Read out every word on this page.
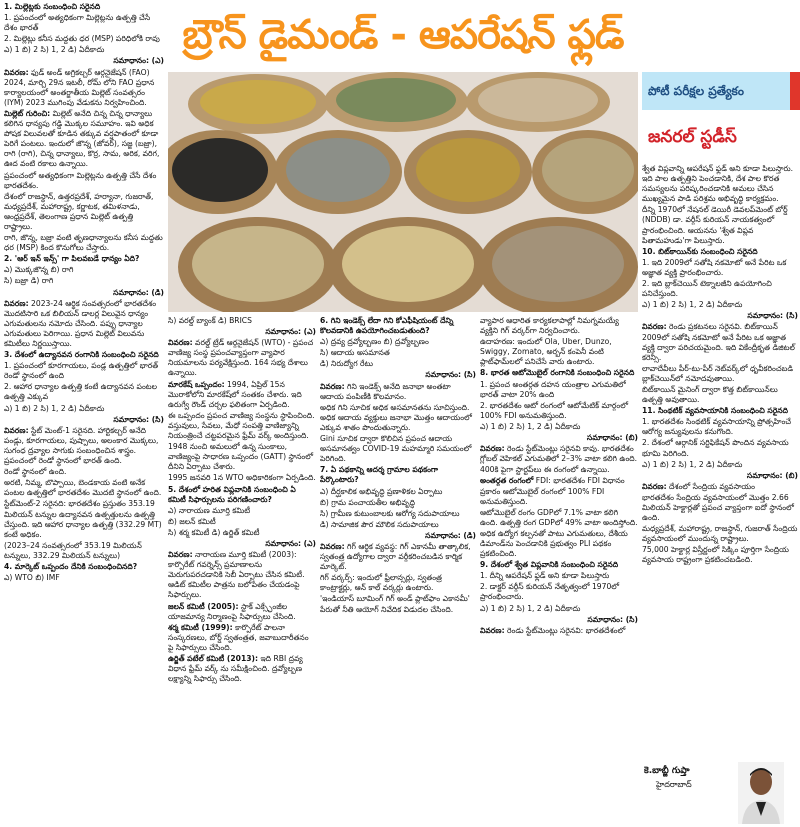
1. మిల్లెట్లకు సంబంధించి సరైనది

1. ప్రపంచంలో అత్యధికంగా మిల్లెట్లను ఉత్పత్తి చేసే దేశం భారత్

2. మిల్లెట్లు కనీస మద్దతు ధర (MSP) పరిధిలోకి రావు

ఎ) 1 బి) 2 సి) 1, 2 డి) ఏదీకాదు

సమాధానం: (ఎ)

వివరణ: ఫుడ్ అండ్ అగ్రికల్చర్ ఆర్గనైజేషన్ (FAO) 2024, మార్చి 29న ఇటలీ, రోమ్ లోని FAO ప్రధాన కార్యాలయంలో అంతర్జాతీయ మిల్లెట్ సంవత్సరం (IYM) 2023 ముగింపు వేడుకను నిర్వహించింది.

మిల్లెట్ గురించి: మిల్లెట్ అనేది చిన్న చిన్న ధాన్యాలు కలిగిన ధాన్యపు గడ్డి మొక్కల సమూహం. ఇవి అధిక పోషక విలువలతో కూడిన తక్కువ వర్షపాతంలో కూడా పెరిగే పంటలు. ఇందులో జొన్న (జోవర్), సజ్జ (బజ్రా), రాగి (రాగి), చిన్న ధాన్యాలు, కొర్ర, సామ, అరిక, వరిగ, ఊద వంటి రకాలు ఉన్నాయి.

ప్రపంచంలో అత్యధికంగా మిల్లెట్లను ఉత్పత్తి చేసే దేశం భారతదేశం.

దేశంలో రాజస్థాన్, ఉత్తరప్రదేశ్, హర్యానా, గుజరాత్, మధ్యప్రదేశ్, మహారాష్ట్ర, కర్ణాటక, తమిళనాడు, ఆంధ్రప్రదేశ్, తెలంగాణ ప్రధాన మిల్లెట్ ఉత్పత్తి రాష్ట్రాలు.

రాగి, జొన్న, బజ్రా వంటి తృణధాన్యాలను కనీస మద్దతు ధర (MSP) కింద కొనుగోలు చేస్తారు.

2. 'ఆర్ ఇన్ ఇన్స్' గా పిలవబడే ధాన్యం ఏది?

ఎ) మొక్కజొన్న బి) రాగి

సి) బజ్రా డి) రాగి

సమాధానం: (డి)

వివరణ: 2023-24 ఆర్థిక సంవత్సరంలో భారతదేశం మొదటిసారి ఒక బిలియన్ డాలర్ల విలువైన ధాన్యం ఎగుమతులను నమోదు చేసింది. పప్పు ధాన్యాల ఎగుమతులు పెరిగాయి. ప్రధాన మిల్లెట్ విలువను కమిటీలు నిర్ణయిస్తాయి.

3. దేశంలో ఉద్యానవన రంగానికి సంబంధించి సరైనది

1. ప్రపంచంలో కూరగాయలు, పండ్ల ఉత్పత్తిలో భారత్ రెండో స్థానంలో ఉంది

2. ఆహార ధాన్యాల ఉత్పత్తి కంటే ఉద్యానవన పంటల ఉత్పత్తి ఎక్కువ

ఎ) 1 బి) 2 సి) 1, 2 డి) ఏదీకాదు

సమాధానం: (సి)

వివరణ: స్టేట్ మెంట్-1 సరైనది. హార్టికల్చర్ అనేది పండ్లు, కూరగాయలు, పుష్పాలు, అలంకార మొక్కలు, సుగంధ ద్రవ్యాల సాగుకు సంబంధించిన శాస్త్రం. ప్రపంచంలో రెండో స్థానంలో భారత్ ఉంది.

రెండో స్థానంలో ఉంది.

అరటి, నిమ్మ, బొప్పాయి, బెండకాయ వంటి అనేక పంటల ఉత్పత్తిలో భారతదేశం మొదటి స్థానంలో ఉంది.

స్టేట్‌మెంట్-2 సరైనది: భారతదేశం ప్రస్తుతం 353.19 మిలియన్ టన్నుల ఉద్యానవన ఉత్పత్తులను ఉత్పత్తి చేస్తుంది. ఇది ఆహార ధాన్యాల ఉత్పత్తి (332.29 MT) కంటే అధికం.

(2023–24 సంవత్సరంలో 353.19 మిలియన్ టన్నులు, 332.29 మిలియన్ టన్నులు)

4. మార్కెట్ ఒప్పందం దేనికి సంబంధించినది?

ఎ) WTO బి) IMF

బ్రౌన్ డైమండ్ - ఆపరేషన్ ఫ్లడ్

సి) వరల్డ్ బ్యాంక్ డి) BRICS

సమాధానం: (ఎ)

వివరణ: వరల్డ్ ట్రేడ్ ఆర్గనైజేషన్ (WTO) - ప్రపంచ వాణిజ్య సంస్థ ప్రపంచవ్యాప్తంగా వ్యాపార నియమాలను పర్యవేక్షిస్తుంది. 164 సభ్య దేశాలు ఉన్నాయి.

మారకేష్ ఒప్పందం: 1994, ఏప్రిల్ 15న మొరాకోలోని మారకేష్‌లో సంతకం చేశారు. ఇది ఉరుగ్వే రౌండ్ చర్చల ఫలితంగా ఏర్పడింది.

ఈ ఒప్పందం ప్రపంచ వాణిజ్య సంస్థను స్థాపించింది. వస్తువులు, సేవలు, మేధో సంపత్తి వాణిజ్యాన్ని నియంత్రించే చట్టపరమైన ఫ్రేమ్ వర్క్ అందిస్తుంది.

1948 నుంచి అమలులో ఉన్న సుంకాలు, వాణిజ్యంపై సాధారణ ఒప్పందం (GATT) స్థానంలో దీనిని ఏర్పాటు చేశారు.

1995 జనవరి 1న WTO అధికారికంగా ఏర్పడింది.

5. దేశంలో హరిత విప్లవానికి సంబంధించి ఏ కమిటీ సిఫార్సులను పరిగణించారు?

ఎ) నారాయణ మూర్తి కమిటీ

బి) జలన్ కమిటీ

సి) శర్మ కమిటీ డి) ఉర్జిత్ కమిటీ

సమాధానం: (ఎ)

వివరణ: నారాయణ మూర్తి కమిటీ (2003): కార్పొరేట్ గవర్నెన్స్ ప్రమాణాలను మెరుగుపరచడానికి సెబీ ఏర్పాటు చేసిన కమిటీ. ఆడిట్ కమిటీల పాత్రను బలోపేతం చేయడంపై సిఫార్సులు.

జలన్ కమిటీ (2005): స్టాక్ ఎక్స్ఛేంజీల యాజమాన్య నిర్మాణంపై సిఫార్సులు చేసింది.

శర్మ కమిటీ (1999): కార్పొరేట్ పాలనా సంస్కరణలు, బోర్డ్ స్వతంత్రత, జవాబుదారీతనం పై సిఫార్సులు చేసింది.

ఉర్జిత్ పటేల్ కమిటీ (2013): ఇది RBI ద్రవ్య విధాన ఫ్రేమ్ వర్క్ ను సమీక్షించింది. ద్రవ్యోల్బణ లక్ష్యాన్ని సిఫార్సు చేసింది.

6. గిని ఇండెక్స్ లేదా గిని కోఎఫీషియంట్ దేన్ని కొలవడానికి ఉపయోగించబడుతుంది?

ఎ) ద్రవ్య ద్రవ్యోల్బణం బి) ద్రవ్యోల్బణం

సి) ఆదాయ అసమానత

డి) నిరుద్యోగ రేటు

సమాధానం: (సి)

వివరణ: గిని ఇండెక్స్ అనేది జనాభా అంతటా ఆదాయ పంపిణీకి కొలమానం.

అధిక గిని సూచిక అధిక అసమానతను సూచిస్తుంది. అధిక ఆదాయ వ్యక్తులు జనాభా మొత్తం ఆదాయంలో ఎక్కువ శాతం పొందుతున్నారు.

Gini సూచిక ద్వారా కొలిచిన ప్రపంచ ఆదాయ అసమానత్వం COVID-19 మహమ్మారి సమయంలో పెరిగింది.

7. ఏ పథకాన్ని ఆదర్శ గ్రామాల పథకంగా పేర్కొంటారు?

ఎ) దీర్ఘకాలిక అభివృద్ధి ప్రణాళికల ఏర్పాటు

బి) గ్రామ పంచాయతీల అభివృద్ధి

సి) గ్రామీణ కుటుంబాలకు ఆరోగ్య సదుపాయాలు

డి) సామాజిక పౌర మౌలిక సదుపాయాలు

సమాధానం: (డి)

వివరణ: గిగ్ ఆర్థిక వ్యవస్థ: గిగ్ ఎకానమీ తాత్కాలిక, స్వతంత్ర ఉద్యోగాల ద్వారా వర్గీకరించబడిన కార్మిక మార్కెట్.

గిగ్ వర్కర్స్: ఇందులో ఫ్రీలాన్సర్లు, స్వతంత్ర కాంట్రాక్టర్లు, ఆన్ కాల్ వర్కర్లు ఉంటారు.

'ఇండియాస్ బూమింగ్ గిగ్ అండ్ ప్లాట్‌ఫాం ఎకానమీ' పేరుతో నీతి ఆయోగ్ నివేదిక విడుదల చేసింది.

వ్యాపార ఆధారిత కార్యకలాపాల్లో నిమగ్నమయ్యే వ్యక్తిని గిగ్ వర్కర్‌గా నిర్వచించారు.

ఉదాహరణ: ఇందులో Ola, Uber, Dunzo, Swiggy, Zomato, అర్బన్ కంపెనీ వంటి ప్లాట్‌ఫామ్‌లలో పనిచేసే వారు ఉంటారు.

8. భారత ఆటోమొబైల్ రంగానికి సంబంధించి సరైనది

1. ప్రపంచ అంతర్గత దహన యంత్రాల ఎగుమతిలో భారత్ వాటా 20% ఉంది

2. భారతదేశం ఆటో రంగంలో ఆటోమేటిక్ మార్గంలో 100% FDI అనుమతిస్తుంది.

ఎ) 1 బి) 2 సి) 1, 2 డి) ఏదీకాదు

సమాధానం: (బి)

వివరణ: రెండు స్టేట్‌మెంట్లు సరైనవి కావు. భారతదేశం గ్లోబల్ వెహికల్ ఎగుమతిలో 2–3% వాటా కలిగి ఉంది.

400కి పైగా స్టార్టప్‌లు ఈ రంగంలో ఉన్నాయి.

అంతర్గత రంగంలో FDI: భారతదేశం FDI విధానం ప్రకారం ఆటోమొబైల్ రంగంలో 100% FDI అనుమతిస్తుంది.

ఆటోమొబైల్ రంగం GDPలో 7.1% వాటా కలిగి ఉంది. ఉత్పత్తి రంగ GDPలో 49% వాటా అందిస్తోంది.

అధిక ఉద్యోగ కల్పనతో పాటు ఎగుమతులు, దేశీయ డిమాండ్‌ను పెంచడానికి ప్రభుత్వం PLI పథకం ప్రకటించింది.

9. దేశంలో శ్వేత విప్లవానికి సంబంధించి సరైనది

1. దీన్ని ఆపరేషన్ ఫ్లడ్ అని కూడా పిలుస్తారు

2. డాక్టర్ వర్గీస్ కురియన్ నేతృత్వంలో 1970లో ప్రారంభించారు.

ఎ) 1 బి) 2 సి) 1, 2 డి) ఏదీకాదు

సమాధానం: (సి)

వివరణ: రెండు స్టేట్‌మెంట్లు సరైనవి: భారతదేశంలో

పోటీ పరీక్షల ప్రత్యేకం
జనరల్ స్టడీస్

శ్వేత విప్లవాన్ని ఆపరేషన్ ఫ్లడ్ అని కూడా పిలుస్తారు. ఇది పాల ఉత్పత్తిని పెంచడానికి, దేశ పాల కొరత సమస్యలను పరిష్కరించడానికి అమలు చేసిన ముఖ్యమైన పాడి పరిశ్రమ అభివృద్ధి కార్యక్రమం.

దీన్ని 1970లో నేషనల్ డెయిరీ డెవలప్‌మెంట్ బోర్డ్ (NDDB) డా. వర్గీస్ కురియన్ నాయకత్వంలో ప్రారంభించింది. ఆయనను 'శ్వేత విప్లవ పితామహుడు'గా పిలుస్తారు.

10. బిట్‌కాయిన్‌కు సంబంధించి సరైనది

1. ఇది 2009లో సతోషి నకమోటో అనే పేరిట ఒక అజ్ఞాత వ్యక్తి ప్రారంభించారు.

2. ఇది బ్లాక్‌చెయిన్ టెక్నాలజీని ఉపయోగించి పనిచేస్తుంది.

ఎ) 1 బి) 2 సి) 1, 2 డి) ఏదీకాదు

సమాధానం: (సి)

వివరణ: రెండు ప్రకటనలు సరైనవి. బిట్‌కాయిన్ 2009లో సతోషి నకమోటో అనే పేరిట ఒక అజ్ఞాత వ్యక్తి ద్వారా పరిచయమైంది. ఇది వికేంద్రీకృత డిజిటల్ కరెన్సీ.

లావాదేవీలు పీర్-టు-పీర్ నెట్‌వర్క్‌లో ధృవీకరించబడి బ్లాక్‌చెయిన్‌లో నమోదవుతాయి.

బిట్‌కాయిన్ మైనింగ్ ద్వారా కొత్త బిట్‌కాయిన్‌లు ఉత్పత్తి అవుతాయి.

11. సింథటిక్ వ్యవసాయానికి సంబంధించి సరైనది

1. భారతదేశం సింథటిక్ వ్యవసాయాన్ని ప్రోత్సహించే ఆరోగ్య జన్యువులను కనుగొంది.

2. దేశంలో ఆర్గానిక్ సర్టిఫికేషన్ పొందిన వ్యవసాయ భూమి పెరిగింది.

ఎ) 1 బి) 2 సి) 1, 2 డి) ఏదీకాదు

సమాధానం: (బి)

వివరణ: దేశంలో సేంద్రియ వ్యవసాయం

భారతదేశం సేంద్రియ వ్యవసాయంలో మొత్తం 2.66 మిలియన్ హెక్టార్లతో ప్రపంచ వ్యాప్తంగా ఐదో స్థానంలో ఉంది.

మధ్యప్రదేశ్, మహారాష్ట్ర, రాజస్థాన్, గుజరాత్ సేంద్రియ వ్యవసాయంలో ముందున్న రాష్ట్రాలు.

75,000 హెక్టార్ల విస్తీర్ణంలో సిక్కిం పూర్తిగా సేంద్రియ వ్యవసాయ రాష్ట్రంగా ప్రకటించబడింది.

కె.బాబ్జీ గుప్తా
హైదరాబాద్
